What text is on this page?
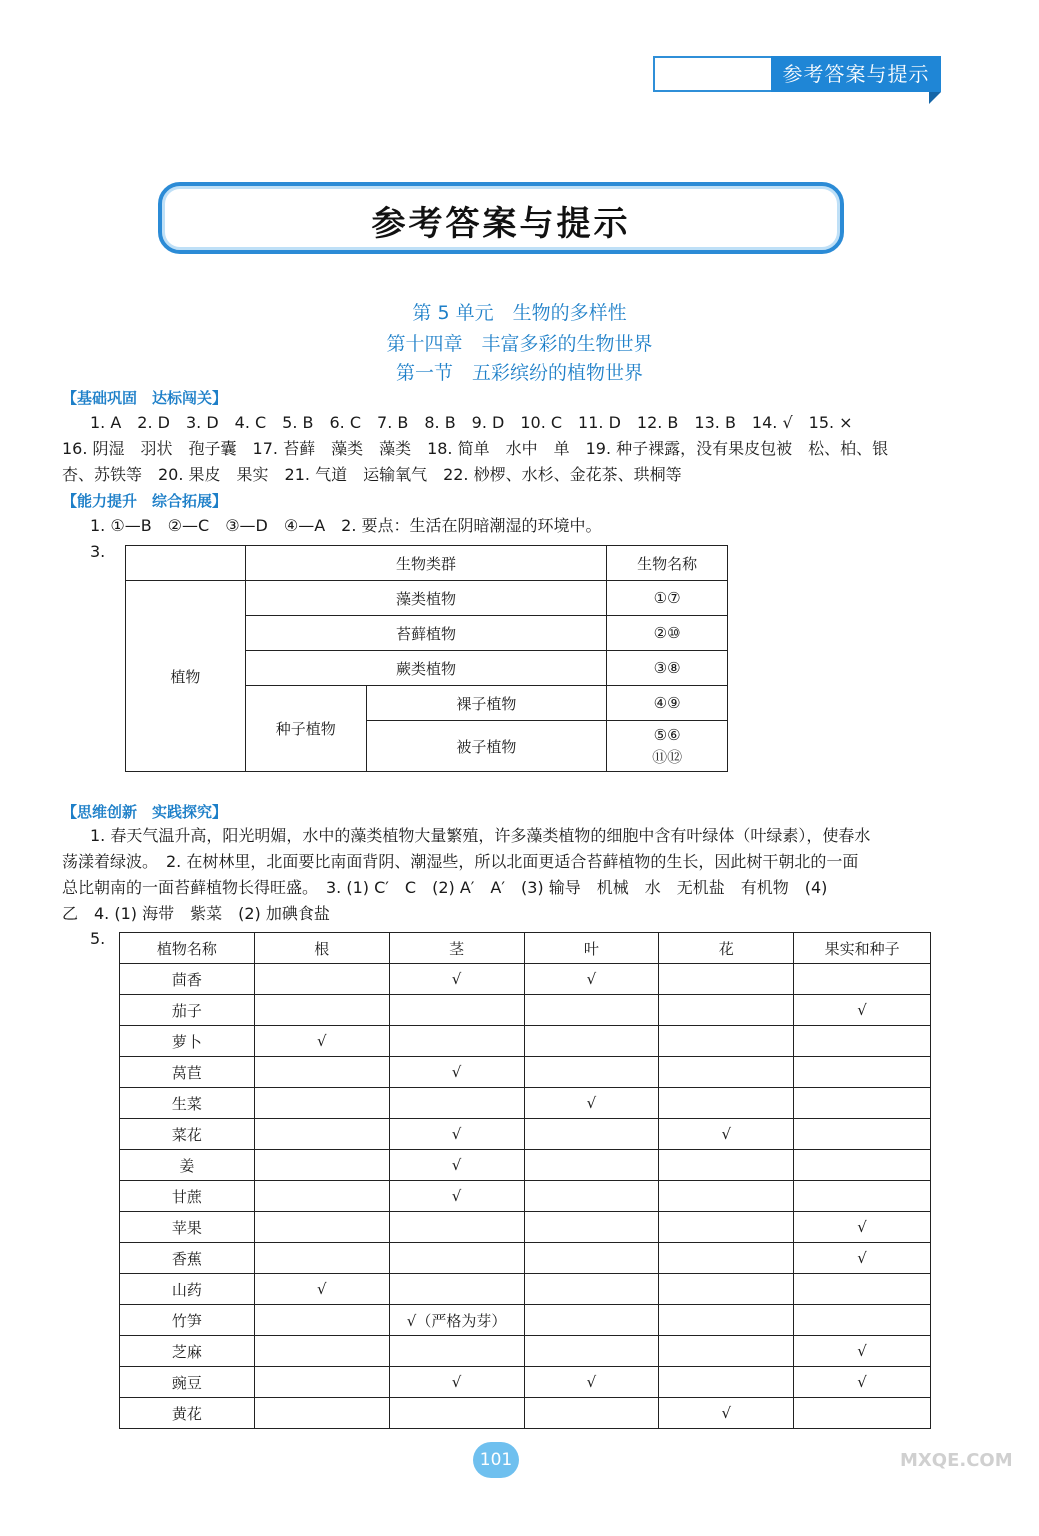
参考答案与提示
参考答案与提示
第 5 单元　生物的多样性
第十四章　丰富多彩的生物世界
第一节　五彩缤纷的植物世界
【基础巩固　达标闯关】
1. A　2. D　3. D　4. C　5. B　6. C　7. B　8. B　9. D　10. C　11. D　12. B　13. B　14. √　15. ×
16. 阴湿　羽状　孢子囊　17. 苔藓　藻类　藻类　18. 简单　水中　单　19. 种子裸露，没有果皮包被　松、柏、银
杏、苏铁等　20. 果皮　果实　21. 气道　运输氧气　22. 桫椤、水杉、金花茶、珙桐等
【能力提升　综合拓展】
1. ①—B　②—C　③—D　④—A　2. 要点：生活在阴暗潮湿的环境中。
3.
	生物类群		生物名称
植物	藻类植物		①⑦
	苔藓植物		②⑩
	蕨类植物		③⑧
	种子植物	裸子植物	④⑨
		被子植物	⑤⑥
⑪⑫
【思维创新　实践探究】
1. 春天气温升高，阳光明媚，水中的藻类植物大量繁殖，许多藻类植物的细胞中含有叶绿体（叶绿素），使春水
荡漾着绿波。　2. 在树林里，北面要比南面背阴、潮湿些，所以北面更适合苔藓植物的生长，因此树干朝北的一面
总比朝南的一面苔藓植物长得旺盛。　3. (1) C′　C　(2) A′　A′　(3) 输导　机械　水　无机盐　有机物　(4)
乙　4. (1) 海带　紫菜　(2) 加碘食盐
5.
植物名称	根	茎	叶	花	果实和种子
茴香		√	√		
茄子					√
萝卜	√				
莴苣		√			
生菜			√		
菜花		√		√	
姜		√			
甘蔗		√			
苹果					√
香蕉					√
山药	√				
竹笋		√（严格为芽）			
芝麻					√
豌豆		√	√		√
黄花				√	
101	MXQE.COM
